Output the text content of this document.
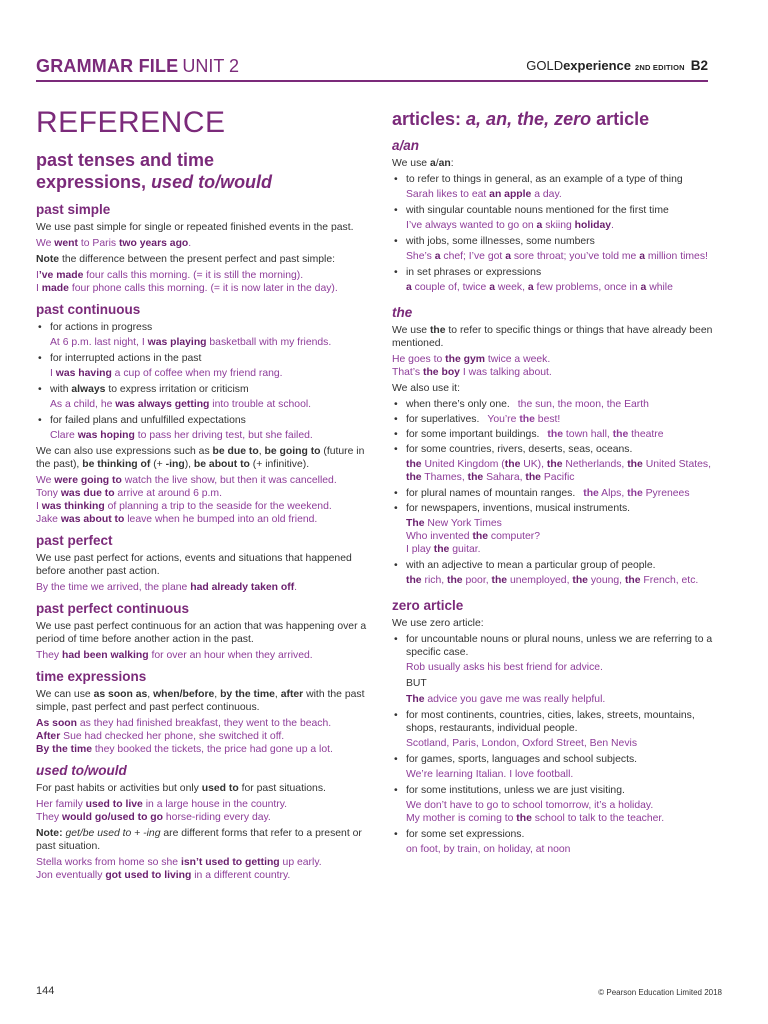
GRAMMAR FILE UNIT 2	GOLDexperience 2ND EDITION B2
REFERENCE
past tenses and time
expressions, used to/would
past simple

We use past simple for single or repeated finished events in the past.

We went to Paris two years ago.

Note the difference between the present perfect and past simple:

I’ve made four calls this morning. (= it is still the morning).

I made four phone calls this morning. (= it is now later in the day).

past continuous
• for actions in progress
At 6 p.m. last night, I was playing basketball with my friends.
• for interrupted actions in the past
I was having a cup of coffee when my friend rang.
• with always to express irritation or criticism
As a child, he was always getting into trouble at school.
• for failed plans and unfulfilled expectations
Clare was hoping to pass her driving test, but she failed.

We can also use expressions such as be due to, be going to (future in the past), be thinking of (+ -ing), be about to (+ infinitive).

We were going to watch the live show, but then it was cancelled.
Tony was due to arrive at around 6 p.m.
I was thinking of planning a trip to the seaside for the weekend.
Jake was about to leave when he bumped into an old friend.
past perfect

We use past perfect for actions, events and situations that happened before another past action.

By the time we arrived, the plane had already taken off.

past perfect continuous

We use past perfect continuous for an action that was happening over a period of time before another action in the past.

They had been walking for over an hour when they arrived.

time expressions

We can use as soon as, when/before, by the time, after with the past simple, past perfect and past perfect continuous.

As soon as they had finished breakfast, they went to the beach.
After Sue had checked her phone, she switched it off.
By the time they booked the tickets, the price had gone up a lot.
used to/would

For past habits or activities but only used to for past situations.

Her family used to live in a large house in the country.
They would go/used to go horse-riding every day.

Note: get/be used to + -ing are different forms that refer to a present or past situation.

Stella works from home so she isn’t used to getting up early.
Jon eventually got used to living in a different country.
articles: a, an, the, zero article
a/an

We use a/an:

• to refer to things in general, as an example of a type of thing
Sarah likes to eat an apple a day.
• with singular countable nouns mentioned for the first time
I’ve always wanted to go on a skiing holiday.
• with jobs, some illnesses, some numbers
She’s a chef; I’ve got a sore throat; you’ve told me a million times!
• in set phrases or expressions
a couple of, twice a week, a few problems, once in a while
the

We use the to refer to specific things or things that have already been mentioned.

He goes to the gym twice a week.
That’s the boy I was talking about.

We also use it:

• when there’s only one. the sun, the moon, the Earth
• for superlatives. You’re the best!
• for some important buildings. the town hall, the theatre
• for some countries, rivers, deserts, seas, oceans.
the United Kingdom (the UK), the Netherlands, the United States, the Thames, the Sahara, the Pacific
• for plural names of mountain ranges. the Alps, the Pyrenees
• for newspapers, inventions, musical instruments.
The New York Times
Who invented the computer?
I play the guitar.
• with an adjective to mean a particular group of people.
the rich, the poor, the unemployed, the young, the French, etc.
zero article

We use zero article:

• for uncountable nouns or plural nouns, unless we are referring to a specific case.
Rob usually asks his best friend for advice.
BUT
The advice you gave me was really helpful.
• for most continents, countries, cities, lakes, streets, mountains, shops, restaurants, individual people.
Scotland, Paris, London, Oxford Street, Ben Nevis
• for games, sports, languages and school subjects.
We’re learning Italian. I love football.
• for some institutions, unless we are just visiting.
We don’t have to go to school tomorrow, it’s a holiday.
My mother is coming to the school to talk to the teacher.
• for some set expressions.
on foot, by train, on holiday, at noon
144	© Pearson Education Limited 2018
